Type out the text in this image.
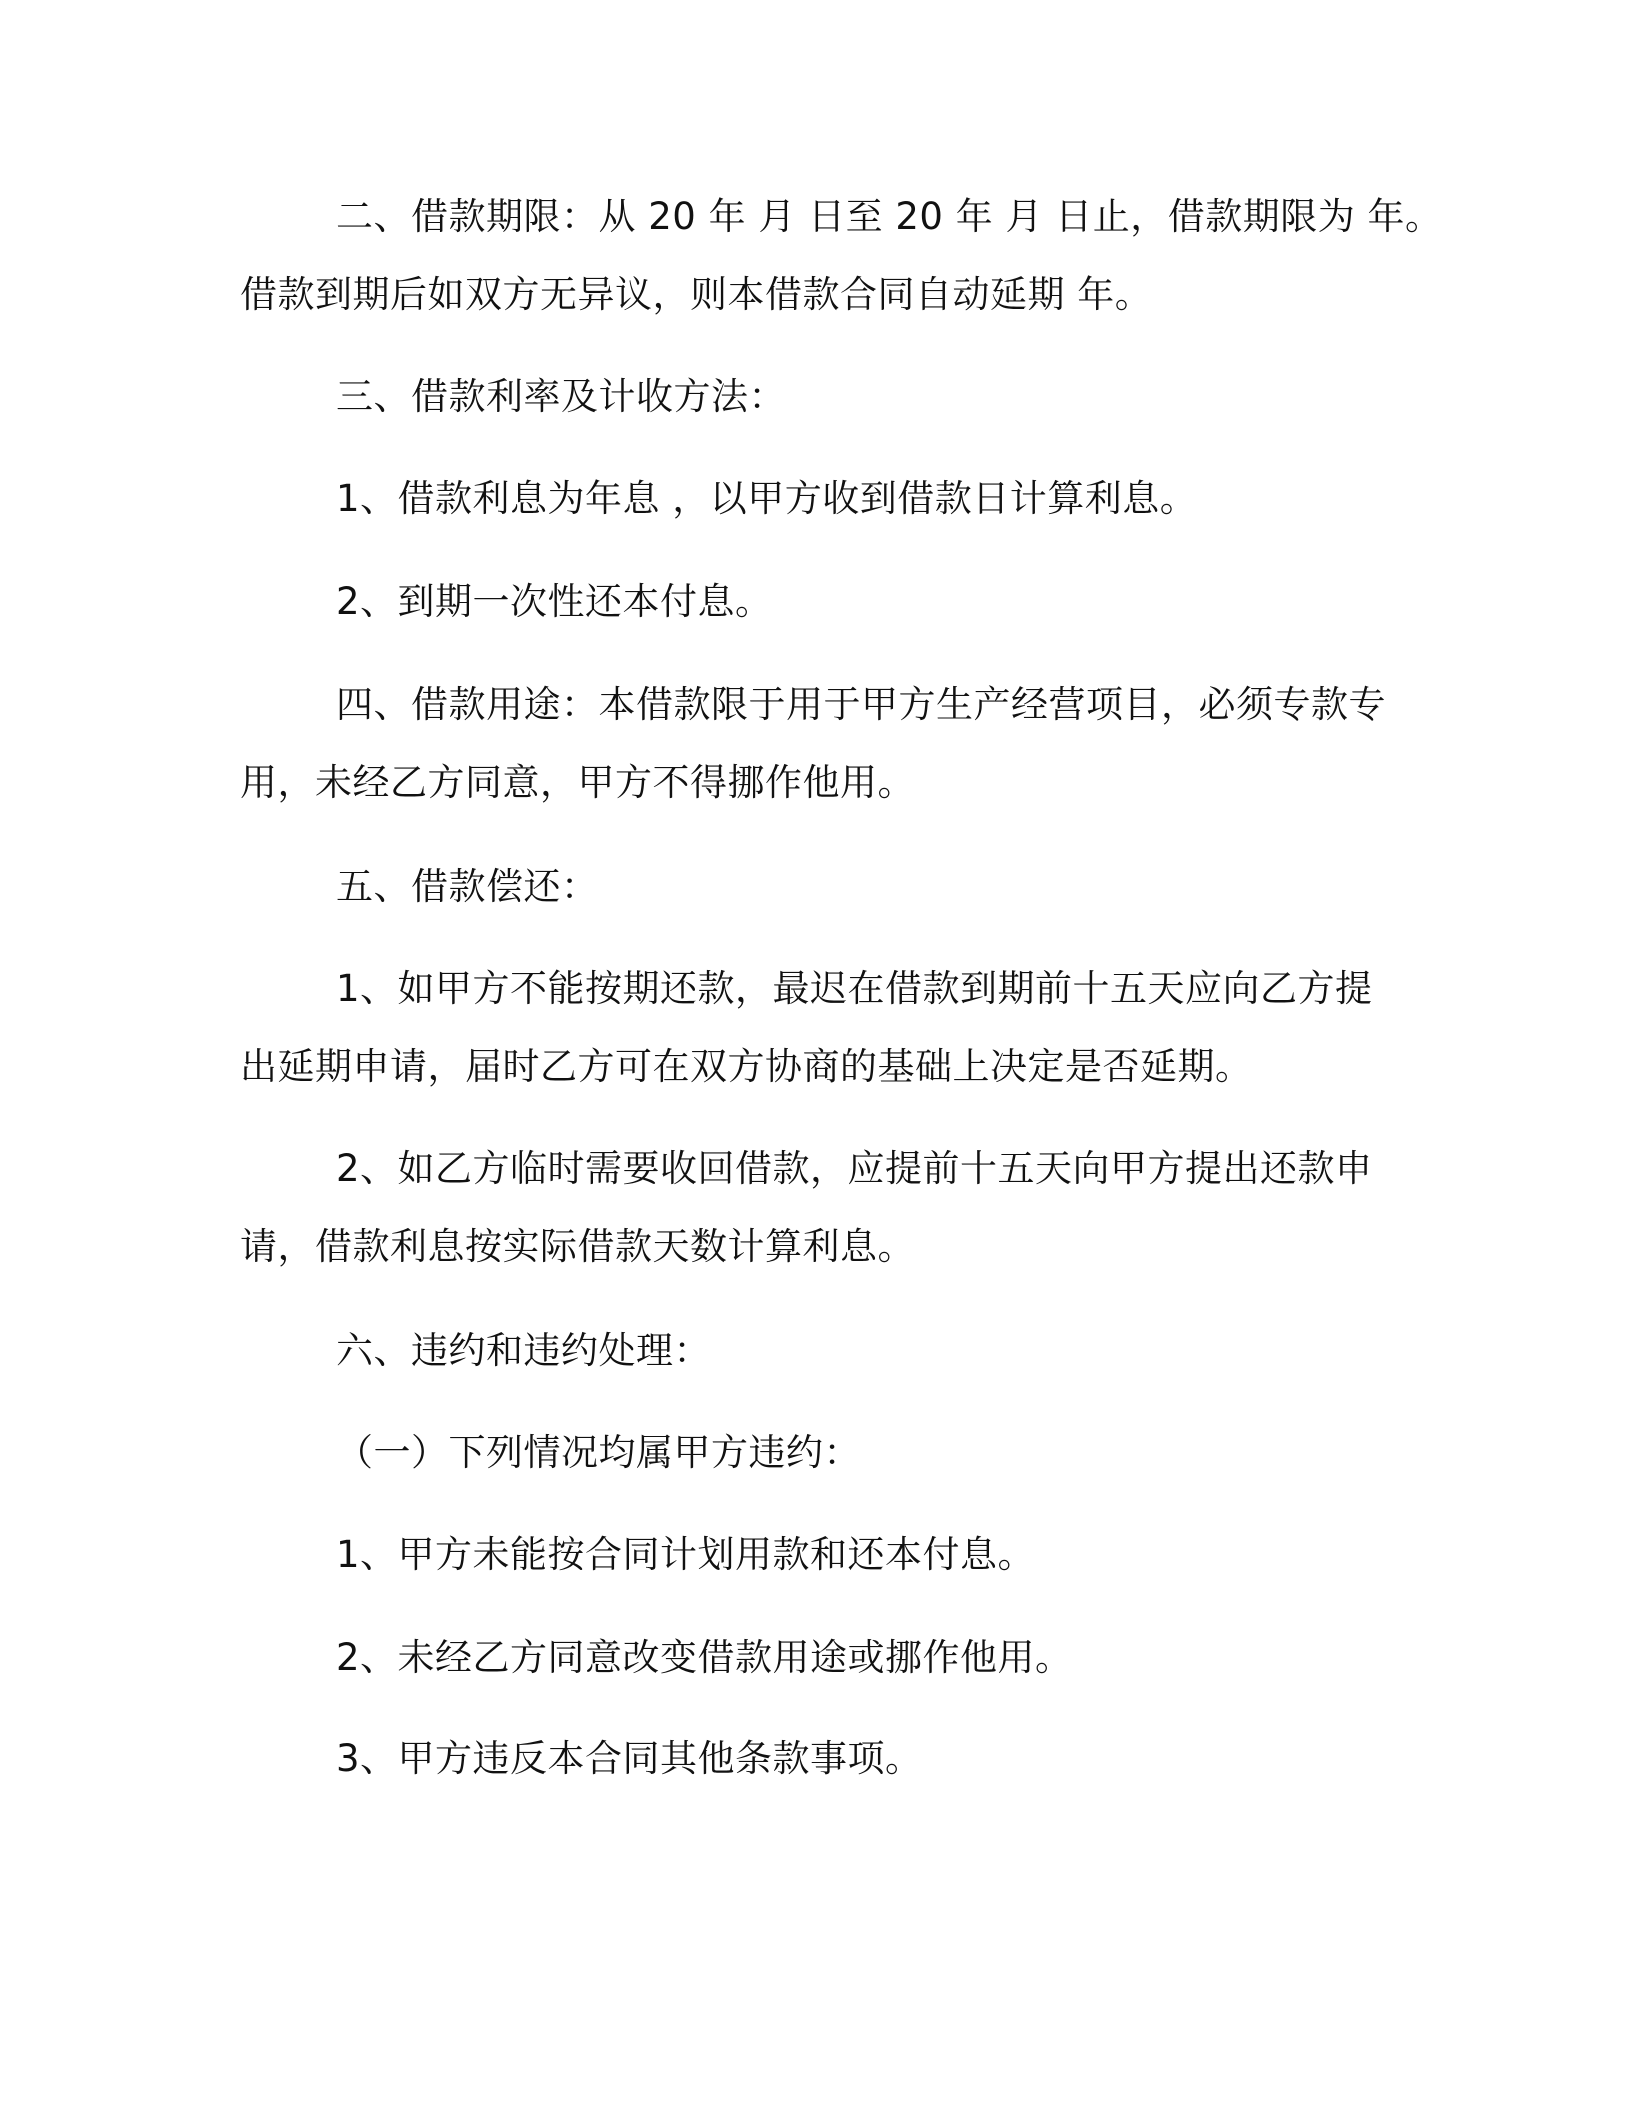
二、借款期限：从 20 年 月 日至 20 年 月 日止，借款期限为 年。

借款到期后如双方无异议，则本借款合同自动延期 年。

三、借款利率及计收方法：

1、借款利息为年息 ，以甲方收到借款日计算利息。

2、到期一次性还本付息。

四、借款用途：本借款限于用于甲方生产经营项目，必须专款专

用，未经乙方同意，甲方不得挪作他用。

五、借款偿还：

1、如甲方不能按期还款，最迟在借款到期前十五天应向乙方提

出延期申请，届时乙方可在双方协商的基础上决定是否延期。

2、如乙方临时需要收回借款，应提前十五天向甲方提出还款申

请，借款利息按实际借款天数计算利息。

六、违约和违约处理：

（一）下列情况均属甲方违约：

1、甲方未能按合同计划用款和还本付息。

2、未经乙方同意改变借款用途或挪作他用。

3、甲方违反本合同其他条款事项。
